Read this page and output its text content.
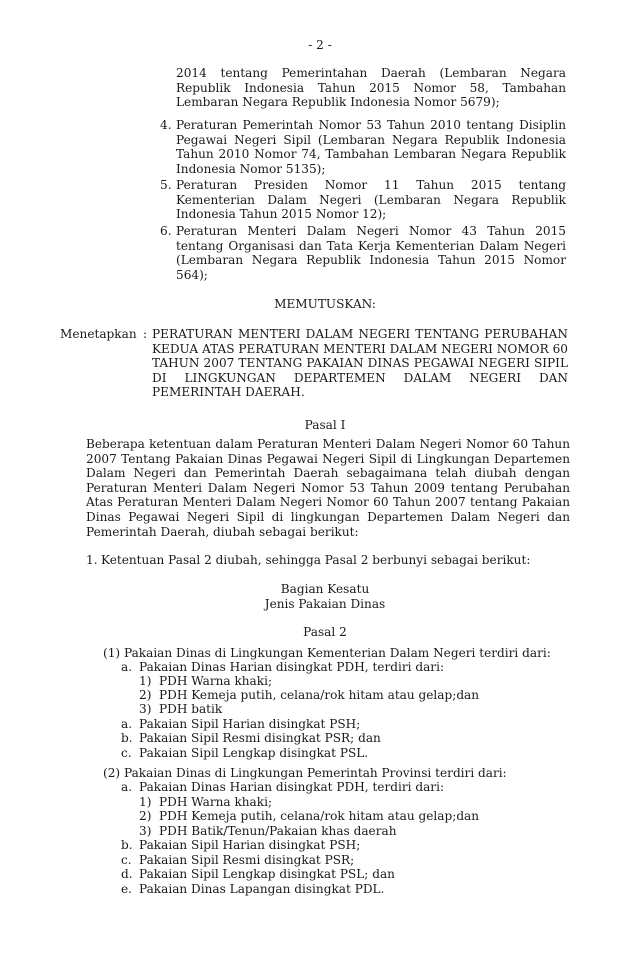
- 2 -
2014 tentang Pemerintahan Daerah (Lembaran Negara Republik Indonesia Tahun 2015 Nomor 58, Tambahan Lembaran Negara Republik Indonesia Nomor 5679);
4. Peraturan Pemerintah Nomor 53 Tahun 2010 tentang Disiplin Pegawai Negeri Sipil (Lembaran Negara Republik Indonesia Tahun 2010 Nomor 74, Tambahan Lembaran Negara Republik Indonesia Nomor 5135);
5. Peraturan Presiden Nomor 11 Tahun 2015 tentang Kementerian Dalam Negeri (Lembaran Negara Republik Indonesia Tahun 2015 Nomor 12);
6. Peraturan Menteri Dalam Negeri Nomor 43 Tahun 2015 tentang Organisasi dan Tata Kerja Kementerian Dalam Negeri (Lembaran Negara Republik Indonesia Tahun 2015 Nomor 564);
MEMUTUSKAN:
Menetapkan : PERATURAN MENTERI DALAM NEGERI TENTANG PERUBAHAN KEDUA ATAS PERATURAN MENTERI DALAM NEGERI NOMOR 60 TAHUN 2007 TENTANG PAKAIAN DINAS PEGAWAI NEGERI SIPIL DI LINGKUNGAN DEPARTEMEN DALAM NEGERI DAN PEMERINTAH DAERAH.
Pasal I
Beberapa ketentuan dalam Peraturan Menteri Dalam Negeri Nomor 60 Tahun 2007 Tentang Pakaian Dinas Pegawai Negeri Sipil di Lingkungan Departemen Dalam Negeri dan Pemerintah Daerah sebagaimana telah diubah dengan Peraturan Menteri Dalam Negeri Nomor 53 Tahun 2009 tentang Perubahan Atas Peraturan Menteri Dalam Negeri Nomor 60 Tahun 2007 tentang Pakaian Dinas Pegawai Negeri Sipil di lingkungan Departemen Dalam Negeri dan Pemerintah Daerah, diubah sebagai berikut:
1. Ketentuan Pasal 2 diubah, sehingga Pasal 2 berbunyi sebagai berikut:
Bagian Kesatu
Jenis Pakaian Dinas
Pasal 2
(1) Pakaian Dinas di Lingkungan Kementerian Dalam Negeri terdiri dari:
a. Pakaian Dinas Harian disingkat PDH, terdiri dari:
1) PDH Warna khaki;
2) PDH Kemeja putih, celana/rok hitam atau gelap;dan
3) PDH batik
a. Pakaian Sipil Harian disingkat PSH;
b. Pakaian Sipil Resmi disingkat PSR; dan
c. Pakaian Sipil Lengkap disingkat PSL.
(2) Pakaian Dinas di Lingkungan Pemerintah Provinsi terdiri dari:
a. Pakaian Dinas Harian disingkat PDH, terdiri dari:
1) PDH Warna khaki;
2) PDH Kemeja putih, celana/rok hitam atau gelap;dan
3) PDH Batik/Tenun/Pakaian khas daerah
b. Pakaian Sipil Harian disingkat PSH;
c. Pakaian Sipil Resmi disingkat PSR;
d. Pakaian Sipil Lengkap disingkat PSL; dan
e. Pakaian Dinas Lapangan disingkat PDL.
